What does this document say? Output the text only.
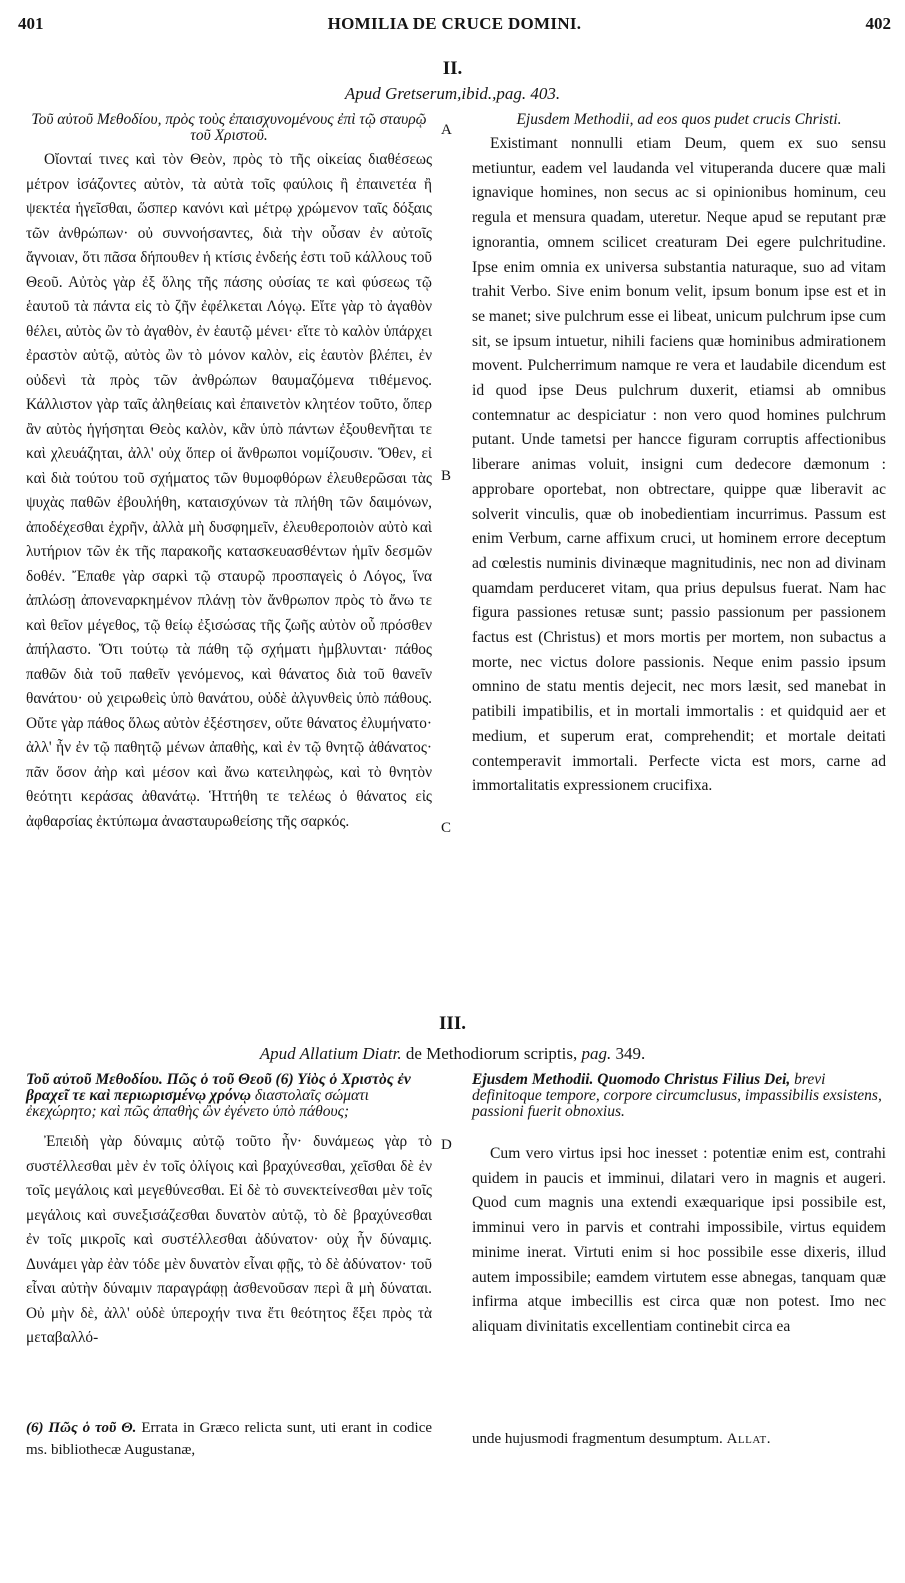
401	HOMILIA DE CRUCE DOMINI.	402
II.
Apud Gretserum,ibid.,pag. 403.

Τοῦ αὐτοῦ Μεθοδίου, πρὸς τοὺς ἐπαισχυνομένους ἐπὶ τῷ σταυρῷ τοῦ Χριστοῦ.

Οἴονταί τινες καὶ τὸν Θεὸν, πρὸς τὸ τῆς οἰκείας διαθέσεως μέτρον ἰσάζοντες αὐτὸν, τὰ αὐτὰ τοῖς φαύλοις ἢ ἐπαινετέα ἢ ψεκτέα ἡγεῖσθαι, ὥσπερ κανόνι καὶ μέτρῳ χρώμενον ταῖς δόξαις τῶν ἀνθρώπων· οὐ συννοήσαντες, διὰ τὴν οὖσαν ἐν αὐτοῖς ἄγνοιαν, ὅτι πᾶσα δήπουθεν ἡ κτίσις ἐνδεής ἐστι τοῦ κάλλους τοῦ Θεοῦ. Αὐτὸς γὰρ ἐξ ὅλης τῆς πάσης οὐσίας τε καὶ φύσεως τῷ ἑαυτοῦ τὰ πάντα εἰς τὸ ζῆν ἐφέλκεται Λόγῳ. Εἴτε γὰρ τὸ ἀγαθὸν θέλει, αὐτὸς ὢν τὸ ἀγαθὸν, ἐν ἑαυτῷ μένει· εἴτε τὸ καλὸν ὑπάρχει ἐραστὸν αὐτῷ, αὐτὸς ὢν τὸ μόνον καλὸν, εἰς ἑαυτὸν βλέπει, ἐν οὐδενὶ τὰ πρὸς τῶν ἀνθρώπων θαυμαζόμενα τιθέμενος. Κάλλιστον γὰρ ταῖς ἀληθείαις καὶ ἐπαινετὸν κλητέον τοῦτο, ὅπερ ἂν αὐτὸς ἡγήσηται Θεὸς καλὸν, κἂν ὑπὸ πάντων ἐξουθενῆται τε καὶ χλευάζηται, ἀλλ' οὐχ ὅπερ οἱ ἄνθρωποι νομίζουσιν. Ὅθεν, εἰ καὶ διὰ τούτου τοῦ σχήματος τῶν θυμοφθόρων ἐλευθερῶσαι τὰς ψυχὰς παθῶν ἐβουλήθη, καταισχύνων τὰ πλήθη τῶν δαιμόνων, ἀποδέχεσθαι ἐχρῆν, ἀλλὰ μὴ δυσφημεῖν, ἐλευθεροποιὸν αὐτὸ καὶ λυτήριον τῶν ἐκ τῆς παρακοῆς κατασκευασθέντων ἡμῖν δεσμῶν δοθέν. Ἔπαθε γὰρ σαρκὶ τῷ σταυρῷ προσπαγεὶς ὁ Λόγος, ἵνα ἀπλώσῃ ἀπονεναρκημένον πλάνῃ τὸν ἄνθρωπον πρὸς τὸ ἄνω τε καὶ θεῖον μέγεθος, τῷ θείῳ ἐξισώσας τῆς ζωῆς αὐτὸν οὗ πρόσθεν ἀπήλαστο. Ὅτι τούτῳ τὰ πάθη τῷ σχήματι ἠμβλυνται· πάθος παθῶν διὰ τοῦ παθεῖν γενόμενος, καὶ θάνατος διὰ τοῦ θανεῖν θανάτου· οὐ χειρωθεὶς ὑπὸ θανάτου, οὐδὲ ἀλγυνθεὶς ὑπὸ πάθους. Οὔτε γὰρ πάθος ὅλως αὐτὸν ἐξέστησεν, οὔτε θάνατος ἐλυμήνατο· ἀλλ' ἦν ἐν τῷ παθητῷ μένων ἀπαθὴς, καὶ ἐν τῷ θνητῷ ἀθάνατος· πᾶν ὅσον ἀὴρ καὶ μέσον καὶ ἄνω κατειληφὼς, καὶ τὸ θνητὸν θεότητι κεράσας ἀθανάτῳ. Ἡττήθη τε τελέως ὁ θάνατος εἰς ἀφθαρσίας ἐκτύπωμα ἀνασταυρωθείσης τῆς σαρκός.

Ejusdem Methodii, ad eos quos pudet crucis Christi.

Existimant nonnulli etiam Deum, quem ex suo sensu metiuntur, eadem vel laudanda vel vituperanda ducere quæ mali ignavique homines, non secus ac si opinionibus hominum, ceu regula et mensura quadam, uteretur. Neque apud se reputant præ ignorantia, omnem scilicet creaturam Dei egere pulchritudine. Ipse enim omnia ex universa substantia naturaque, suo ad vitam trahit Verbo. Sive enim bonum velit, ipsum bonum ipse est et in se manet; sive pulchrum esse ei libeat, unicum pulchrum ipse cum sit, se ipsum intuetur, nihili faciens quæ hominibus admirationem movent. Pulcherrimum namque re vera et laudabile dicendum est id quod ipse Deus pulchrum duxerit, etiamsi ab omnibus contemnatur ac despiciatur : non vero quod homines pulchrum putant. Unde tametsi per hancce figuram corruptis affectionibus liberare animas voluit, insigni cum dedecore dæmonum : approbare oportebat, non obtrectare, quippe quæ liberavit ac solverit vinculis, quæ ob inobedientiam incurrimus. Passum est enim Verbum, carne affixum cruci, ut hominem errore deceptum ad cœlestis numinis divinæque magnitudinis, nec non ad divinam quamdam perduceret vitam, qua prius depulsus fuerat. Nam hac figura passiones retusæ sunt; passio passionum per passionem factus est (Christus) et mors mortis per mortem, non subactus a morte, nec victus dolore passionis. Neque enim passio ipsum omnino de statu mentis dejecit, nec mors læsit, sed manebat in patibili impatibilis, et in mortali immortalis : et quidquid aer et medium, et superum erat, comprehendit; et mortale deitati contemperavit immortali. Perfecte victa est mors, carne ad immortalitatis expressionem crucifixa.

A
B
C
D
III.
Apud Allatium Diatr. de Methodiorum scriptis, pag. 349.

Τοῦ αὐτοῦ Μεθοδίου. Πῶς ὁ τοῦ Θεοῦ (6) Υἱὸς ὁ Χριστὸς ἐν βραχεῖ τε καὶ περιωρισμένῳ χρόνῳ διαστολαῖς σώματι ἐκεχώρητο; καὶ πῶς ἀπαθὴς ὢν ἐγένετο ὑπὸ πάθους;

Ἐπειδὴ γὰρ δύναμις αὐτῷ τοῦτο ἦν· δυνάμεως γὰρ τὸ συστέλλεσθαι μὲν ἐν τοῖς ὀλίγοις καὶ βραχύνεσθαι, χεῖσθαι δὲ ἐν τοῖς μεγάλοις καὶ μεγεθύνεσθαι. Εἰ δὲ τὸ συνεκτείνεσθαι μὲν τοῖς μεγάλοις καὶ συνεξισάζεσθαι δυνατὸν αὐτῷ, τὸ δὲ βραχύνεσθαι ἐν τοῖς μικροῖς καὶ συστέλλεσθαι ἀδύνατον· οὐχ ἦν δύναμις. Δυνάμει γὰρ ἐὰν τόδε μὲν δυνατὸν εἶναι φῇς, τὸ δὲ ἀδύνατον· τοῦ εἶναι αὐτὴν δύναμιν παραγράφῃ ἀσθενοῦσαν περὶ ἃ μὴ δύναται. Οὐ μὴν δὲ, ἀλλ' οὐδὲ ὑπεροχήν τινα ἔτι θεότητος ἕξει πρὸς τὰ μεταβαλλό-

Ejusdem Methodii. Quomodo Christus Filius Dei, brevi definitoque tempore, corpore circumclusus, impassibilis exsistens, passioni fuerit obnoxius.

Cum vero virtus ipsi hoc inesset : potentiæ enim est, contrahi quidem in paucis et imminui, dilatari vero in magnis et augeri. Quod cum magnis una extendi exæquarique ipsi possibile est, imminui vero in parvis et contrahi impossibile, virtus equidem minime inerat. Virtuti enim si hoc possibile esse dixeris, illud autem impossibile; eamdem virtutem esse abnegas, tanquam quæ infirma atque imbecillis est circa quæ non potest. Imo nec aliquam divinitatis excellentiam continebit circa ea

(6) Πῶς ὁ τοῦ Θ. Errata in Græco relicta sunt, uti erant in codice ms. bibliothecæ Augustanæ,
unde hujusmodi fragmentum desumptum. Allat.
